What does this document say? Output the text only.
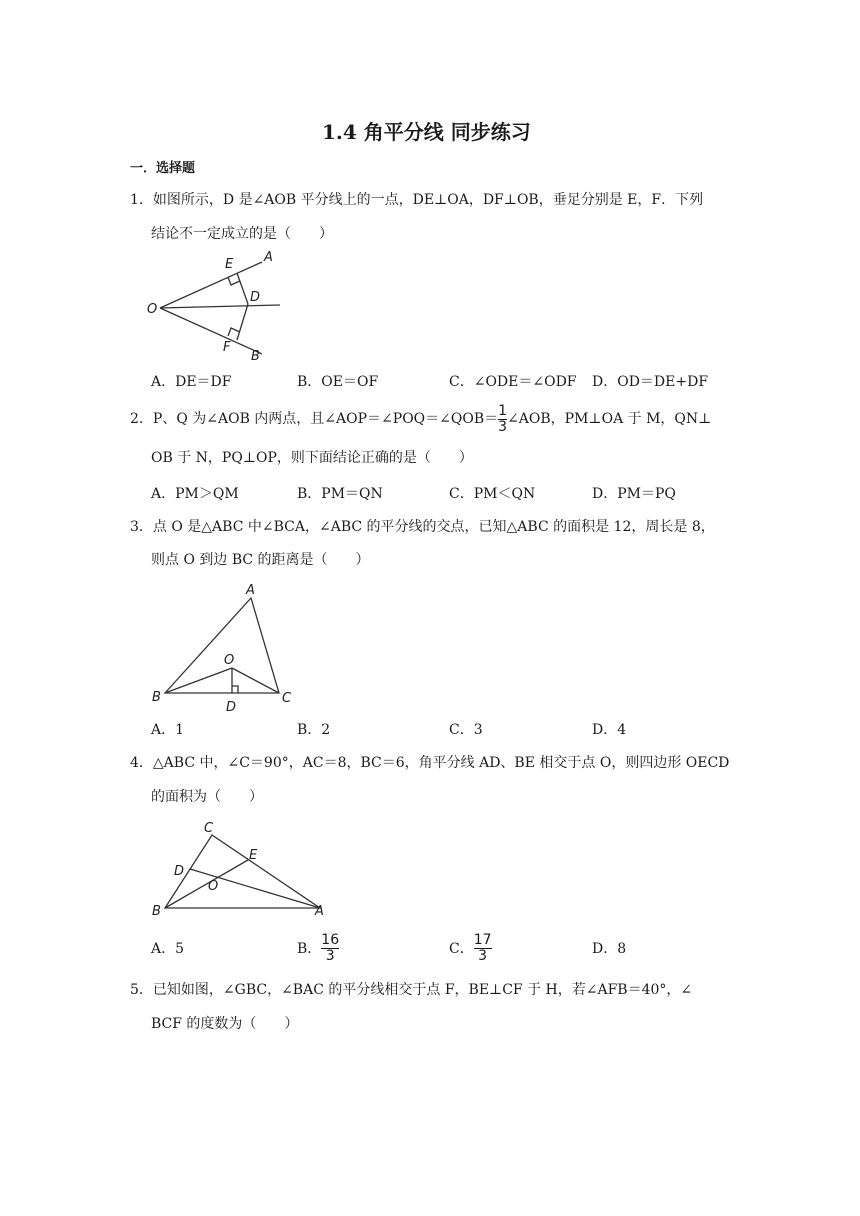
1.4 角平分线 同步练习
一．选择题
1．如图所示，D 是∠AOB 平分线上的一点，DE⊥OA，DF⊥OB，垂足分别是 E，F．下列
结论不一定成立的是（　　）
E A
O
D
F
B
A．DE＝DF	B．OE＝OF	C．∠ODE＝∠ODF D．OD＝DE+DF
2．P、Q 为∠AOB 内两点，且∠AOP＝∠POQ＝∠QOB＝ $\frac{1}{3}$ ∠AOB，PM⊥OA 于 M，QN⊥
OB 于 N，PQ⊥OP，则下面结论正确的是（　　）
A．PM＞QM	B．PM＝QN	C．PM＜QN	D．PM＝PQ
3．点 O 是△ABC 中∠BCA，∠ABC 的平分线的交点，已知△ABC 的面积是 12，周长是 8，
则点 O 到边 BC 的距离是（　　）
A
O
B	C
D
A．1	B．2	C．3	D．4
4．△ABC 中，∠C＝90°，AC＝8，BC＝6，角平分线 AD、BE 相交于点 O，则四边形 OECD
的面积为（　　）
C
E
D
O
B	A
A．5	B． $\frac{16}{3}$	C． $\frac{17}{3}$	D．8
5．已知如图，∠GBC，∠BAC 的平分线相交于点 F，BE⊥CF 于 H，若∠AFB＝40°，∠
BCF 的度数为（　　）
